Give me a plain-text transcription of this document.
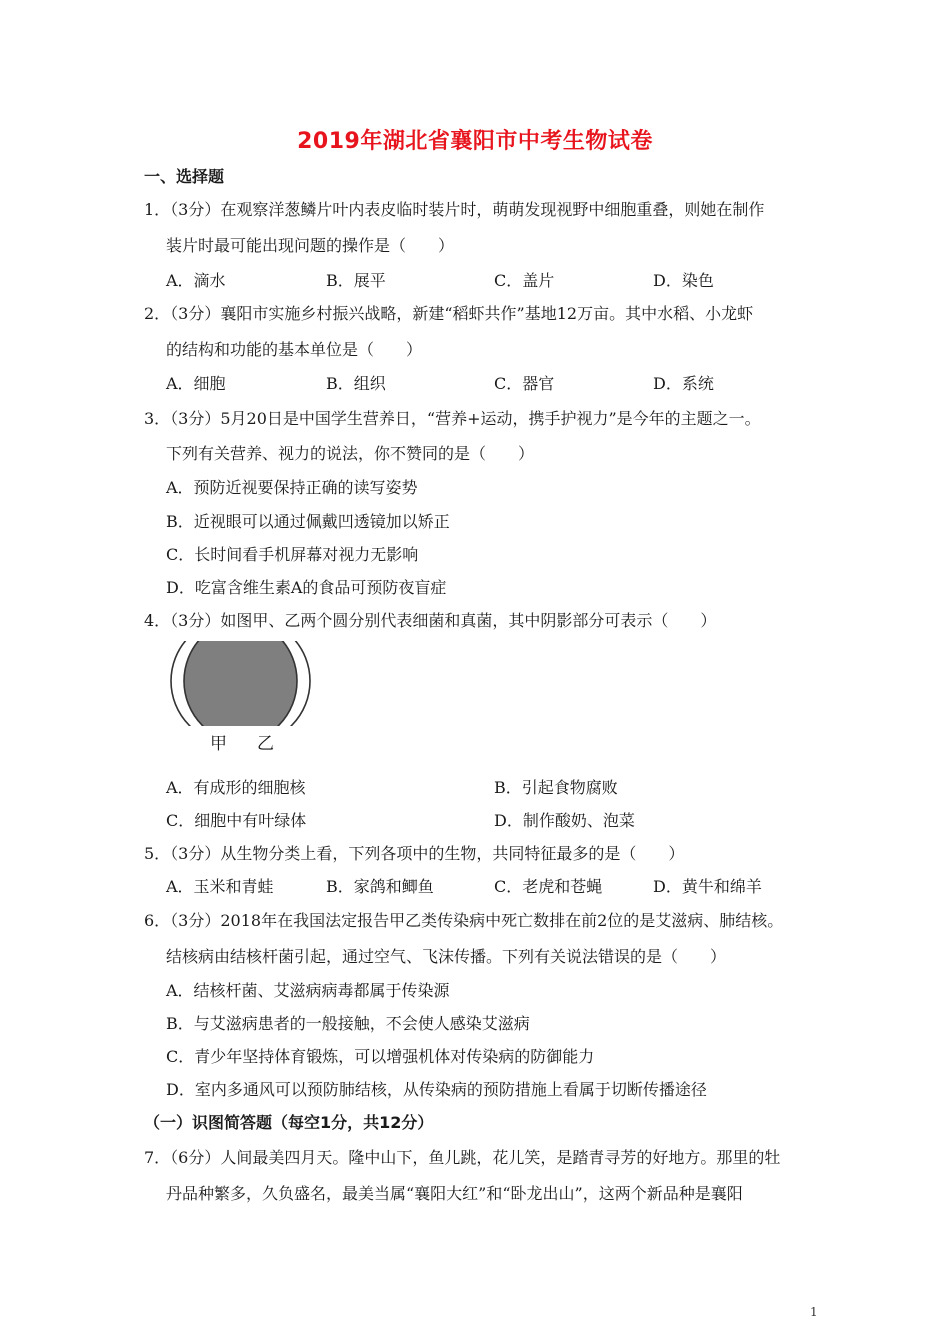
2019年湖北省襄阳市中考生物试卷
一、选择题
1．（3分）在观察洋葱鳞片叶内表皮临时装片时，萌萌发现视野中细胞重叠，则她在制作
装片时最可能出现问题的操作是（　　）
A．滴水	B．展平	C．盖片	D．染色
2．（3分）襄阳市实施乡村振兴战略，新建“稻虾共作”基地12万亩。其中水稻、小龙虾
的结构和功能的基本单位是（　　）
A．细胞	B．组织	C．器官	D．系统
3．（3分）5月20日是中国学生营养日，“营养+运动，携手护视力”是今年的主题之一。
下列有关营养、视力的说法，你不赞同的是（　　）
A．预防近视要保持正确的读写姿势
B．近视眼可以通过佩戴凹透镜加以矫正
C．长时间看手机屏幕对视力无影响
D．吃富含维生素A的食品可预防夜盲症
4．（3分）如图甲、乙两个圆分别代表细菌和真菌，其中阴影部分可表示（　　）
甲 乙
A．有成形的细胞核	B．引起食物腐败
C．细胞中有叶绿体	D．制作酸奶、泡菜
5．（3分）从生物分类上看，下列各项中的生物，共同特征最多的是（　　）
A．玉米和青蛙	B．家鸽和鲫鱼	C．老虎和苍蝇	D．黄牛和绵羊
6．（3分）2018年在我国法定报告甲乙类传染病中死亡数排在前2位的是艾滋病、肺结核。
结核病由结核杆菌引起，通过空气、飞沫传播。下列有关说法错误的是（　　）
A．结核杆菌、艾滋病病毒都属于传染源
B．与艾滋病患者的一般接触，不会使人感染艾滋病
C．青少年坚持体育锻炼，可以增强机体对传染病的防御能力
D．室内多通风可以预防肺结核，从传染病的预防措施上看属于切断传播途径
（一）识图简答题（每空1分，共12分）
7．（6分）人间最美四月天。隆中山下，鱼儿跳，花儿笑，是踏青寻芳的好地方。那里的牡
丹品种繁多，久负盛名，最美当属“襄阳大红”和“卧龙出山”，这两个新品种是襄阳
1
